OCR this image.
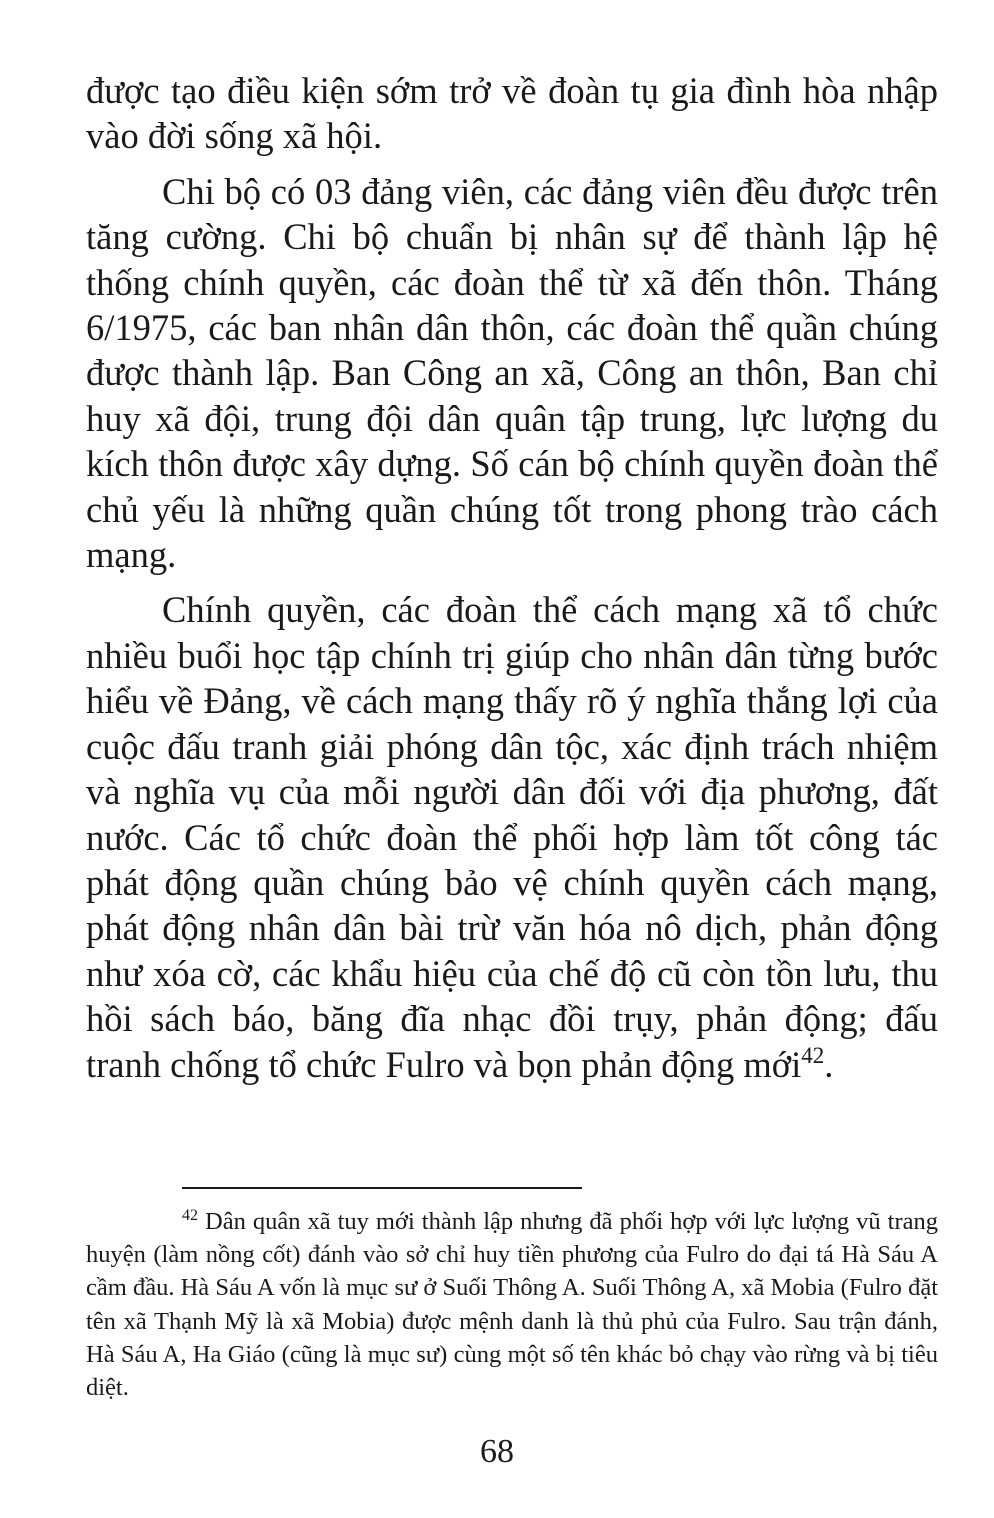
được tạo điều kiện sớm trở về đoàn tụ gia đình hòa nhập vào đời sống xã hội.

Chi bộ có 03 đảng viên, các đảng viên đều được trên tăng cường. Chi bộ chuẩn bị nhân sự để thành lập hệ thống chính quyền, các đoàn thể từ xã đến thôn. Tháng 6/1975, các ban nhân dân thôn, các đoàn thể quần chúng được thành lập. Ban Công an xã, Công an thôn, Ban chỉ huy xã đội, trung đội dân quân tập trung, lực lượng du kích thôn được xây dựng. Số cán bộ chính quyền đoàn thể chủ yếu là những quần chúng tốt trong phong trào cách mạng.

Chính quyền, các đoàn thể cách mạng xã tổ chức nhiều buổi học tập chính trị giúp cho nhân dân từng bước hiểu về Đảng, về cách mạng thấy rõ ý nghĩa thắng lợi của cuộc đấu tranh giải phóng dân tộc, xác định trách nhiệm và nghĩa vụ của mỗi người dân đối với địa phương, đất nước. Các tổ chức đoàn thể phối hợp làm tốt công tác phát động quần chúng bảo vệ chính quyền cách mạng, phát động nhân dân bài trừ văn hóa nô dịch, phản động như xóa cờ, các khẩu hiệu của chế độ cũ còn tồn lưu, thu hồi sách báo, băng đĩa nhạc đồi trụy, phản động; đấu tranh chống tổ chức Fulro và bọn phản động mới$^{42}$.

$^{42}$ Dân quân xã tuy mới thành lập nhưng đã phối hợp với lực lượng vũ trang huyện (làm nồng cốt) đánh vào sở chỉ huy tiền phương của Fulro do đại tá Hà Sáu A cầm đầu. Hà Sáu A vốn là mục sư ở Suối Thông A. Suối Thông A, xã Mobia (Fulro đặt tên xã Thạnh Mỹ là xã Mobia) được mệnh danh là thủ phủ của Fulro. Sau trận đánh, Hà Sáu A, Ha Giáo (cũng là mục sư) cùng một số tên khác bỏ chạy vào rừng và bị tiêu diệt.

68
